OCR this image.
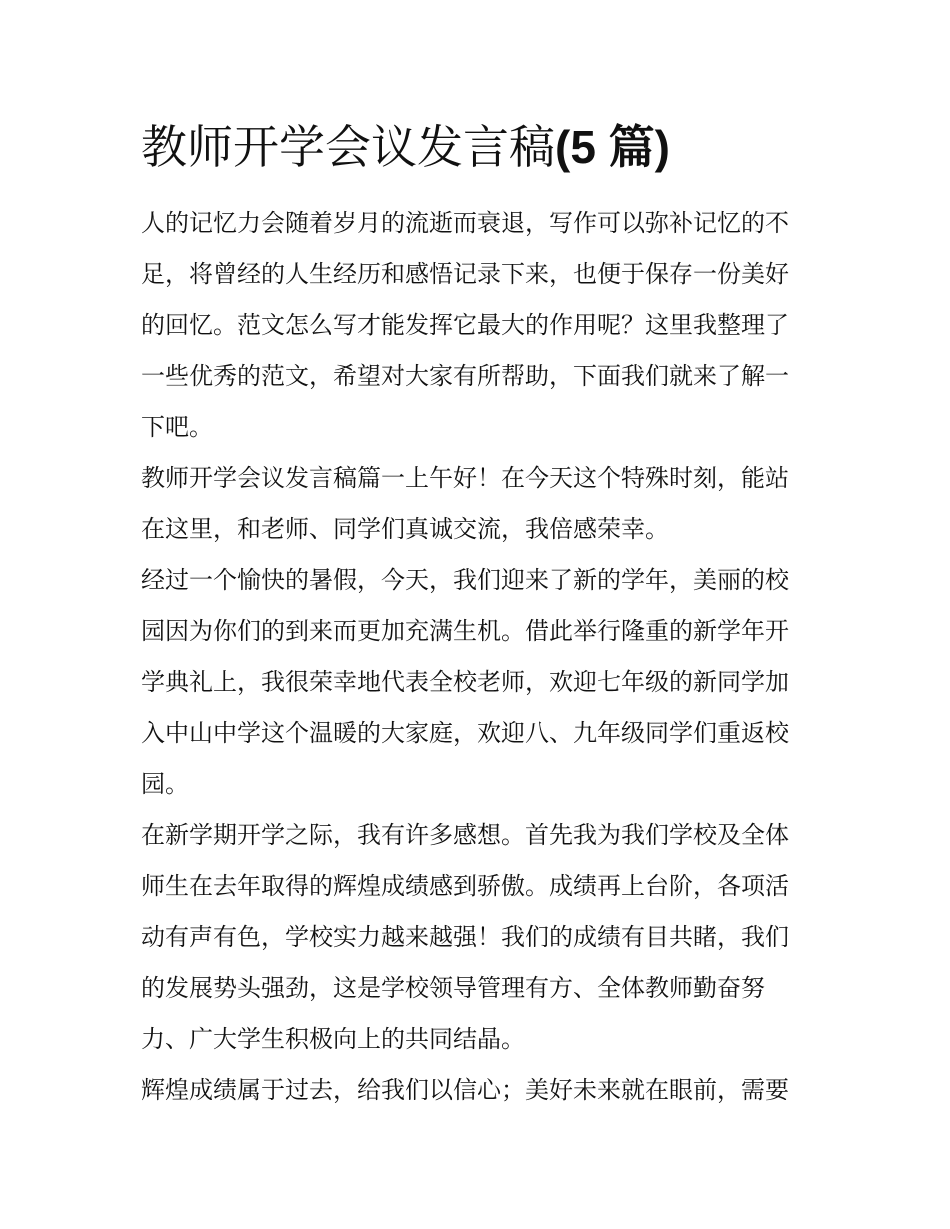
教师开学会议发言稿(5 篇)
人的记忆力会随着岁月的流逝而衰退，写作可以弥补记忆的不
足，将曾经的人生经历和感悟记录下来，也便于保存一份美好
的回忆。范文怎么写才能发挥它最大的作用呢？这里我整理了
一些优秀的范文，希望对大家有所帮助，下面我们就来了解一
下吧。
教师开学会议发言稿篇一上午好！在今天这个特殊时刻，能站
在这里，和老师、同学们真诚交流，我倍感荣幸。
经过一个愉快的暑假，今天，我们迎来了新的学年，美丽的校
园因为你们的到来而更加充满生机。借此举行隆重的新学年开
学典礼上，我很荣幸地代表全校老师，欢迎七年级的新同学加
入中山中学这个温暖的大家庭，欢迎八、九年级同学们重返校
园。
在新学期开学之际，我有许多感想。首先我为我们学校及全体
师生在去年取得的辉煌成绩感到骄傲。成绩再上台阶，各项活
动有声有色，学校实力越来越强！我们的成绩有目共睹，我们
的发展势头强劲，这是学校领导管理有方、全体教师勤奋努
力、广大学生积极向上的共同结晶。
辉煌成绩属于过去，给我们以信心；美好未来就在眼前，需要
